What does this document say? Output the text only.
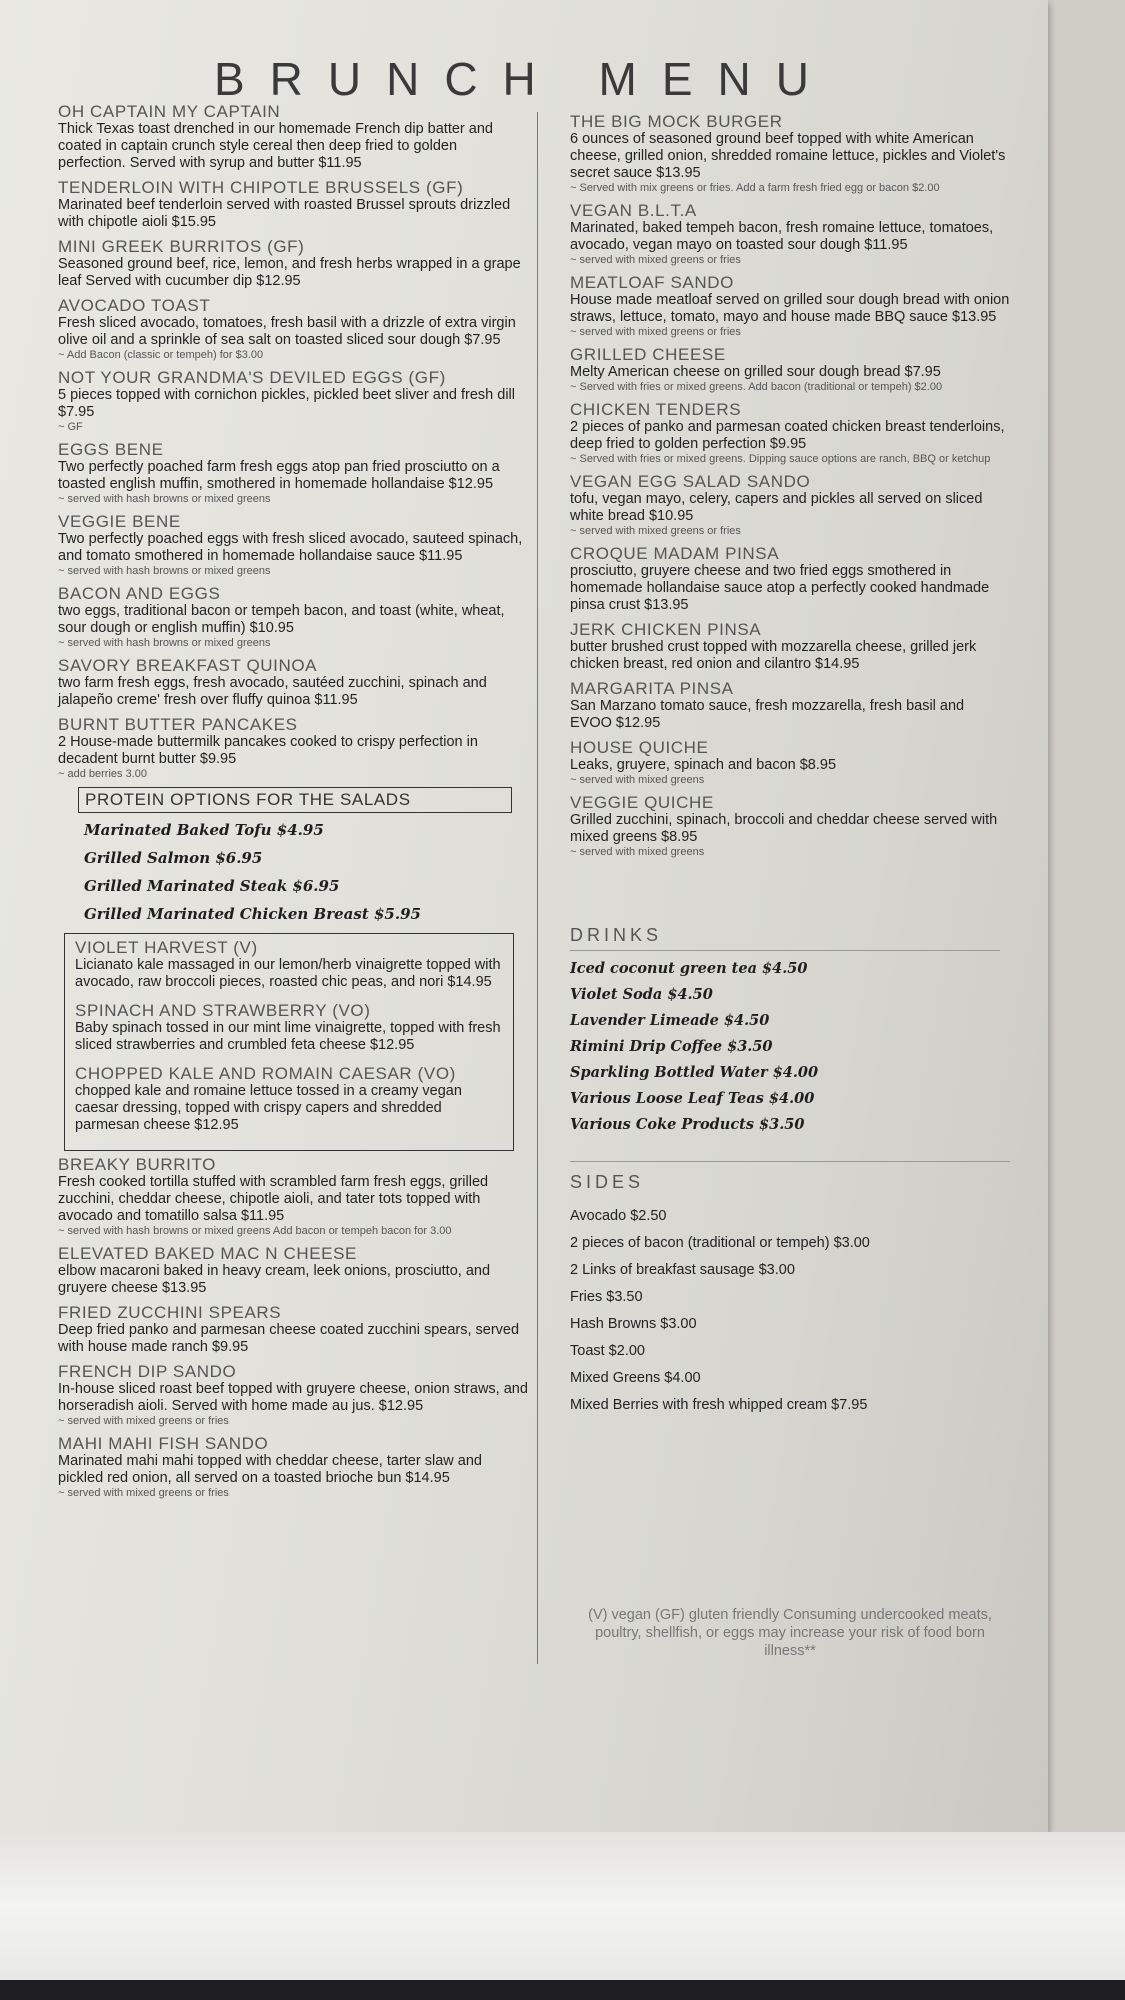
BRUNCH MENU
OH CAPTAIN MY CAPTAIN
Thick Texas toast drenched in our homemade French dip batter and coated in captain crunch style cereal then deep fried to golden perfection. Served with syrup and butter $11.95
TENDERLOIN WITH CHIPOTLE BRUSSELS (GF)
Marinated beef tenderloin served with roasted Brussel sprouts drizzled with chipotle aioli $15.95
MINI GREEK BURRITOS (GF)
Seasoned ground beef, rice, lemon, and fresh herbs wrapped in a grape leaf Served with cucumber dip $12.95
AVOCADO TOAST
Fresh sliced avocado, tomatoes, fresh basil with a drizzle of extra virgin olive oil and a sprinkle of sea salt on toasted sliced sour dough $7.95
~ Add Bacon (classic or tempeh) for $3.00
NOT YOUR GRANDMA'S DEVILED EGGS (GF)
5 pieces topped with cornichon pickles, pickled beet sliver and fresh dill $7.95
~ GF
EGGS BENE
Two perfectly poached farm fresh eggs atop pan fried prosciutto on a toasted english muffin, smothered in homemade hollandaise $12.95
~ served with hash browns or mixed greens
VEGGIE BENE
Two perfectly poached eggs with fresh sliced avocado, sauteed spinach, and tomato smothered in homemade hollandaise sauce $11.95
~ served with hash browns or mixed greens
BACON AND EGGS
two eggs, traditional bacon or tempeh bacon, and toast (white, wheat, sour dough or english muffin) $10.95
~ served with hash browns or mixed greens
SAVORY BREAKFAST QUINOA
two farm fresh eggs, fresh avocado, sautéed zucchini, spinach and jalapeño creme' fresh over fluffy quinoa $11.95
BURNT BUTTER PANCAKES
2 House-made buttermilk pancakes cooked to crispy perfection in decadent burnt butter $9.95
~ add berries 3.00
PROTEIN OPTIONS FOR THE SALADS
Marinated Baked Tofu $4.95
Grilled Salmon $6.95
Grilled Marinated Steak $6.95
Grilled Marinated Chicken Breast $5.95
VIOLET HARVEST (V)
Licianato kale massaged in our lemon/herb vinaigrette topped with avocado, raw broccoli pieces, roasted chic peas, and nori $14.95
SPINACH AND STRAWBERRY (VO)
Baby spinach tossed in our mint lime vinaigrette, topped with fresh sliced strawberries and crumbled feta cheese $12.95
CHOPPED KALE AND ROMAIN CAESAR (VO)
chopped kale and romaine lettuce tossed in a creamy vegan caesar dressing, topped with crispy capers and shredded parmesan cheese $12.95
BREAKY BURRITO
Fresh cooked tortilla stuffed with scrambled farm fresh eggs, grilled zucchini, cheddar cheese, chipotle aioli, and tater tots topped with avocado and tomatillo salsa $11.95
~ served with hash browns or mixed greens Add bacon or tempeh bacon for 3.00
ELEVATED BAKED MAC N CHEESE
elbow macaroni baked in heavy cream, leek onions, prosciutto, and gruyere cheese $13.95
FRIED ZUCCHINI SPEARS
Deep fried panko and parmesan cheese coated zucchini spears, served with house made ranch $9.95
FRENCH DIP SANDO
In-house sliced roast beef topped with gruyere cheese, onion straws, and horseradish aioli. Served with home made au jus. $12.95
~ served with mixed greens or fries
MAHI MAHI FISH SANDO
Marinated mahi mahi topped with cheddar cheese, tarter slaw and pickled red onion, all served on a toasted brioche bun $14.95
~ served with mixed greens or fries
THE BIG MOCK BURGER
6 ounces of seasoned ground beef topped with white American cheese, grilled onion, shredded romaine lettuce, pickles and Violet's secret sauce $13.95
~ Served with mix greens or fries. Add a farm fresh fried egg or bacon $2.00
VEGAN B.L.T.A
Marinated, baked tempeh bacon, fresh romaine lettuce, tomatoes, avocado, vegan mayo on toasted sour dough $11.95
~ served with mixed greens or fries
MEATLOAF SANDO
House made meatloaf served on grilled sour dough bread with onion straws, lettuce, tomato, mayo and house made BBQ sauce $13.95
~ served with mixed greens or fries
GRILLED CHEESE
Melty American cheese on grilled sour dough bread $7.95
~ Served with fries or mixed greens. Add bacon (traditional or tempeh) $2.00
CHICKEN TENDERS
2 pieces of panko and parmesan coated chicken breast tenderloins, deep fried to golden perfection $9.95
~ Served with fries or mixed greens. Dipping sauce options are ranch, BBQ or ketchup
VEGAN EGG SALAD SANDO
tofu, vegan mayo, celery, capers and pickles all served on sliced white bread $10.95
~ served with mixed greens or fries
CROQUE MADAM PINSA
prosciutto, gruyere cheese and two fried eggs smothered in homemade hollandaise sauce atop a perfectly cooked handmade pinsa crust $13.95
JERK CHICKEN PINSA
butter brushed crust topped with mozzarella cheese, grilled jerk chicken breast, red onion and cilantro $14.95
MARGARITA PINSA
San Marzano tomato sauce, fresh mozzarella, fresh basil and EVOO $12.95
HOUSE QUICHE
Leaks, gruyere, spinach and bacon $8.95
~ served with mixed greens
VEGGIE QUICHE
Grilled zucchini, spinach, broccoli and cheddar cheese served with mixed greens $8.95
~ served with mixed greens
DRINKS
Iced coconut green tea $4.50
Violet Soda $4.50
Lavender Limeade $4.50
Rimini Drip Coffee $3.50
Sparkling Bottled Water $4.00
Various Loose Leaf Teas $4.00
Various Coke Products $3.50
SIDES
Avocado $2.50
2 pieces of bacon (traditional or tempeh) $3.00
2 Links of breakfast sausage $3.00
Fries $3.50
Hash Browns $3.00
Toast $2.00
Mixed Greens $4.00
Mixed Berries with fresh whipped cream $7.95
(V) vegan (GF) gluten friendly Consuming undercooked meats, poultry, shellfish, or eggs may increase your risk of food born illness**
